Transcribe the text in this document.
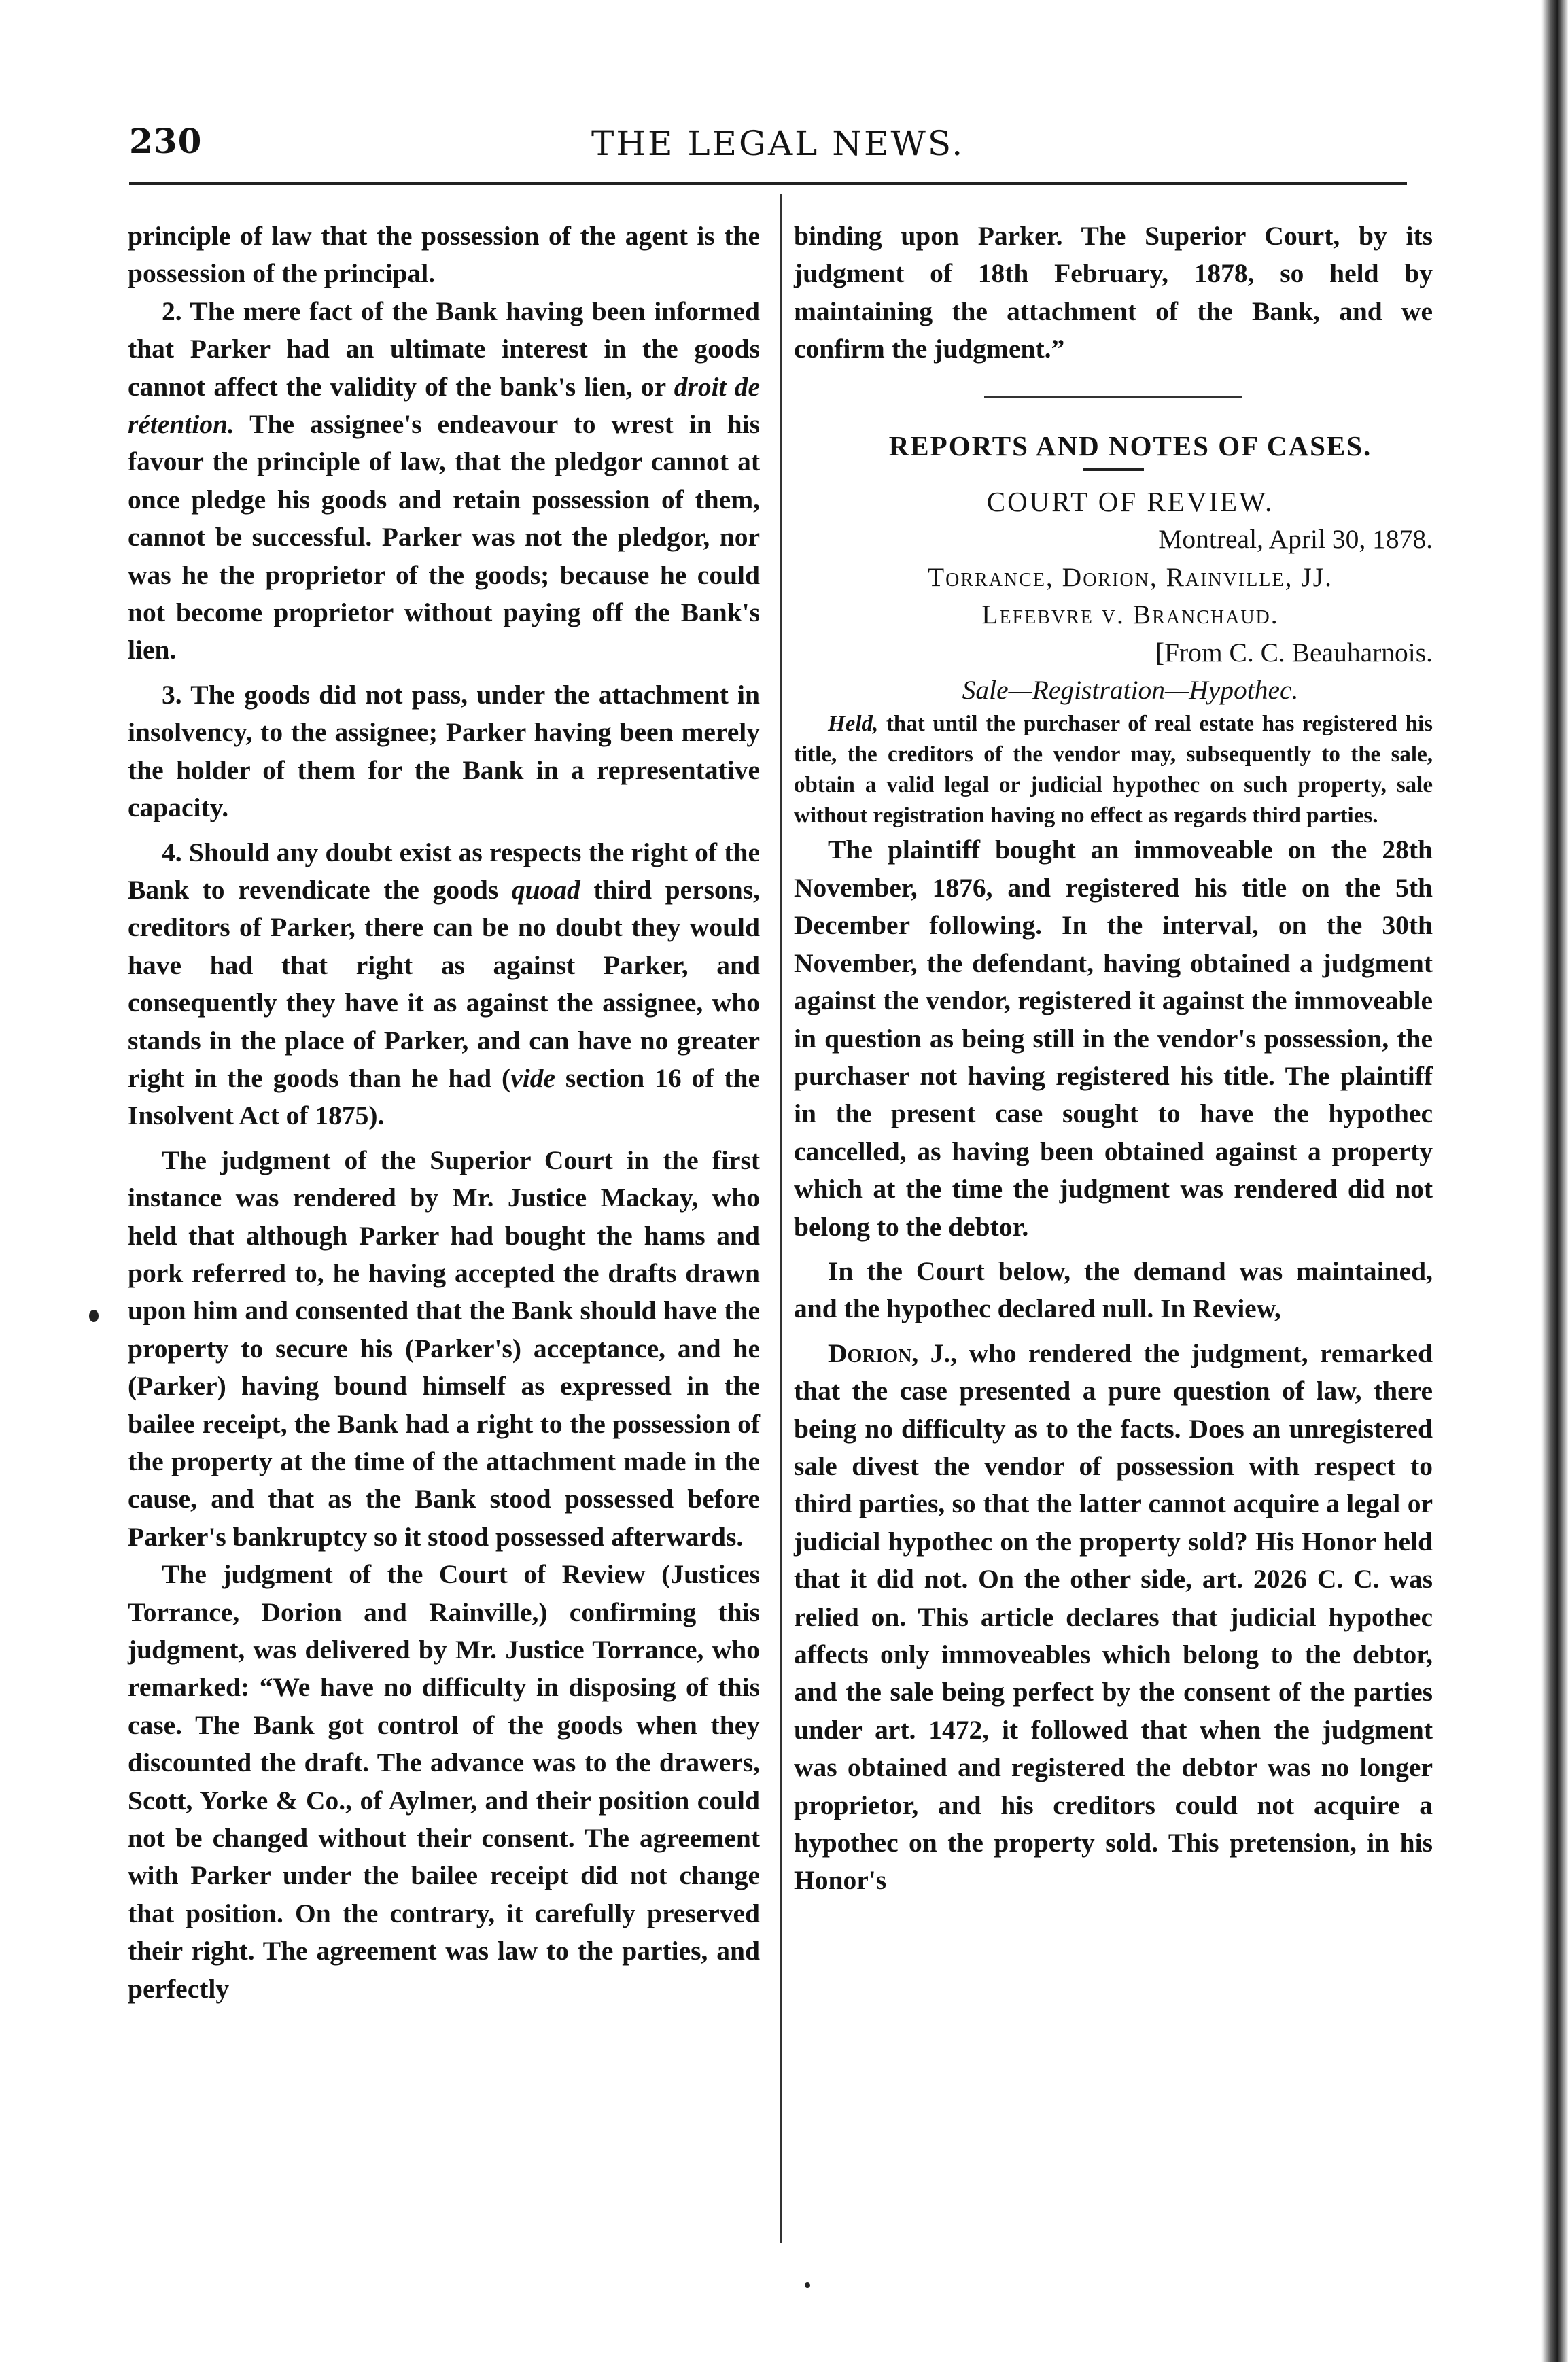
230	THE LEGAL NEWS.

principle of law that the possession of the agent is the possession of the principal.

2. The mere fact of the Bank having been informed that Parker had an ultimate interest in the goods cannot affect the validity of the bank's lien, or droit de rétention. The assignee's endeavour to wrest in his favour the principle of law, that the pledgor cannot at once pledge his goods and retain possession of them, cannot be successful. Parker was not the pledgor, nor was he the proprietor of the goods; because he could not become proprietor without paying off the Bank's lien.

3. The goods did not pass, under the attachment in insolvency, to the assignee; Parker having been merely the holder of them for the Bank in a representative capacity.

4. Should any doubt exist as respects the right of the Bank to revendicate the goods quoad third persons, creditors of Parker, there can be no doubt they would have had that right as against Parker, and consequently they have it as against the assignee, who stands in the place of Parker, and can have no greater right in the goods than he had (vide section 16 of the Insolvent Act of 1875).

The judgment of the Superior Court in the first instance was rendered by Mr. Justice Mackay, who held that although Parker had bought the hams and pork referred to, he having accepted the drafts drawn upon him and consented that the Bank should have the property to secure his (Parker's) acceptance, and he (Parker) having bound himself as expressed in the bailee receipt, the Bank had a right to the possession of the property at the time of the attachment made in the cause, and that as the Bank stood possessed before Parker's bankruptcy so it stood possessed afterwards.

The judgment of the Court of Review (Justices Torrance, Dorion and Rainville,) confirming this judgment, was delivered by Mr. Justice Torrance, who remarked: “We have no difficulty in disposing of this case. The Bank got control of the goods when they discounted the draft. The advance was to the drawers, Scott, Yorke & Co., of Aylmer, and their position could not be changed without their consent. The agreement with Parker under the bailee receipt did not change that position. On the contrary, it carefully preserved their right. The agreement was law to the parties, and perfectly

binding upon Parker. The Superior Court, by its judgment of 18th February, 1878, so held by maintaining the attachment of the Bank, and we confirm the judgment.”

REPORTS AND NOTES OF CASES.

COURT OF REVIEW.

Montreal, April 30, 1878.

Torrance, Dorion, Rainville, JJ.

Lefebvre v. Branchaud.

[From C. C. Beauharnois.

Sale—Registration—Hypothec.

Held, that until the purchaser of real estate has registered his title, the creditors of the vendor may, subsequently to the sale, obtain a valid legal or judicial hypothec on such property, sale without registration having no effect as regards third parties.

The plaintiff bought an immoveable on the 28th November, 1876, and registered his title on the 5th December following. In the interval, on the 30th November, the defendant, having obtained a judgment against the vendor, registered it against the immoveable in question as being still in the vendor's possession, the purchaser not having registered his title. The plaintiff in the present case sought to have the hypothec cancelled, as having been obtained against a property which at the time the judgment was rendered did not belong to the debtor.

In the Court below, the demand was maintained, and the hypothec declared null. In Review,

Dorion, J., who rendered the judgment, remarked that the case presented a pure question of law, there being no difficulty as to the facts. Does an unregistered sale divest the vendor of possession with respect to third parties, so that the latter cannot acquire a legal or judicial hypothec on the property sold? His Honor held that it did not. On the other side, art. 2026 C. C. was relied on. This article declares that judicial hypothec affects only immoveables which belong to the debtor, and the sale being perfect by the consent of the parties under art. 1472, it followed that when the judgment was obtained and registered the debtor was no longer proprietor, and his creditors could not acquire a hypothec on the property sold. This pretension, in his Honor's
